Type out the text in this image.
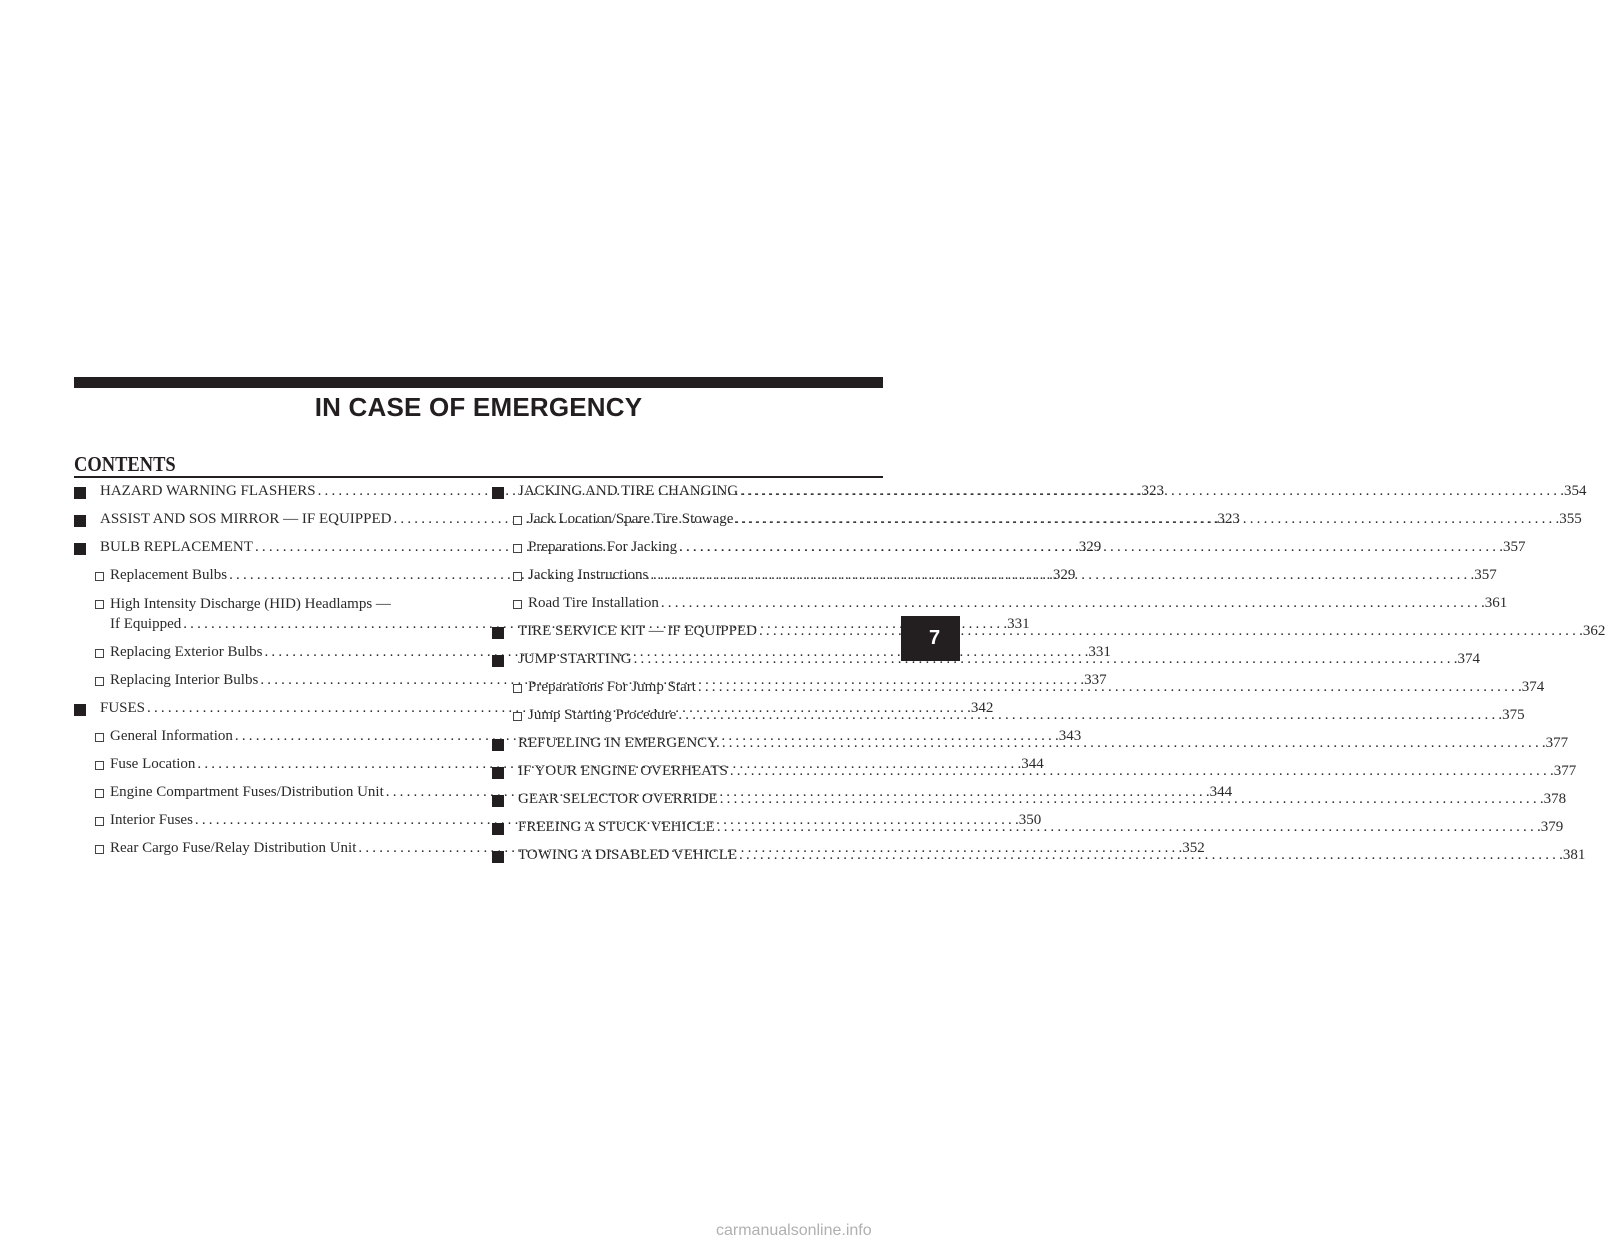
IN CASE OF EMERGENCY
CONTENTS
HAZARD WARNING FLASHERS .....	.323
ASSIST AND SOS MIRROR — IF EQUIPPED .....	.323
BULB REPLACEMENT .....	.329
Replacement Bulbs .....	.329
High Intensity Discharge (HID) Headlamps —
If Equipped .....	.331
Replacing Exterior Bulbs .....	.331
Replacing Interior Bulbs .....	.337
FUSES .....	.342
General Information .....	.343
Fuse Location .....	.344
Engine Compartment Fuses/Distribution Unit .....	.344
Interior Fuses .....	.350
Rear Cargo Fuse/Relay Distribution Unit .....	.352
JACKING AND TIRE CHANGING .....	.354
Jack Location/Spare Tire Stowage .....	.355
Preparations For Jacking .....	.357
Jacking Instructions .....	.357
Road Tire Installation .....	.361
TIRE SERVICE KIT — IF EQUIPPED .....	.362
JUMP STARTING .....	.374
Preparations For Jump Start .....	.374
Jump Starting Procedure .....	.375
REFUELING IN EMERGENCY. .....	.377
IF YOUR ENGINE OVERHEATS .....	.377
GEAR SELECTOR OVERRIDE .....	.378
FREEING A STUCK VEHICLE .....	.379
TOWING A DISABLED VEHICLE .....	.381
7
carmanualsonline.info
